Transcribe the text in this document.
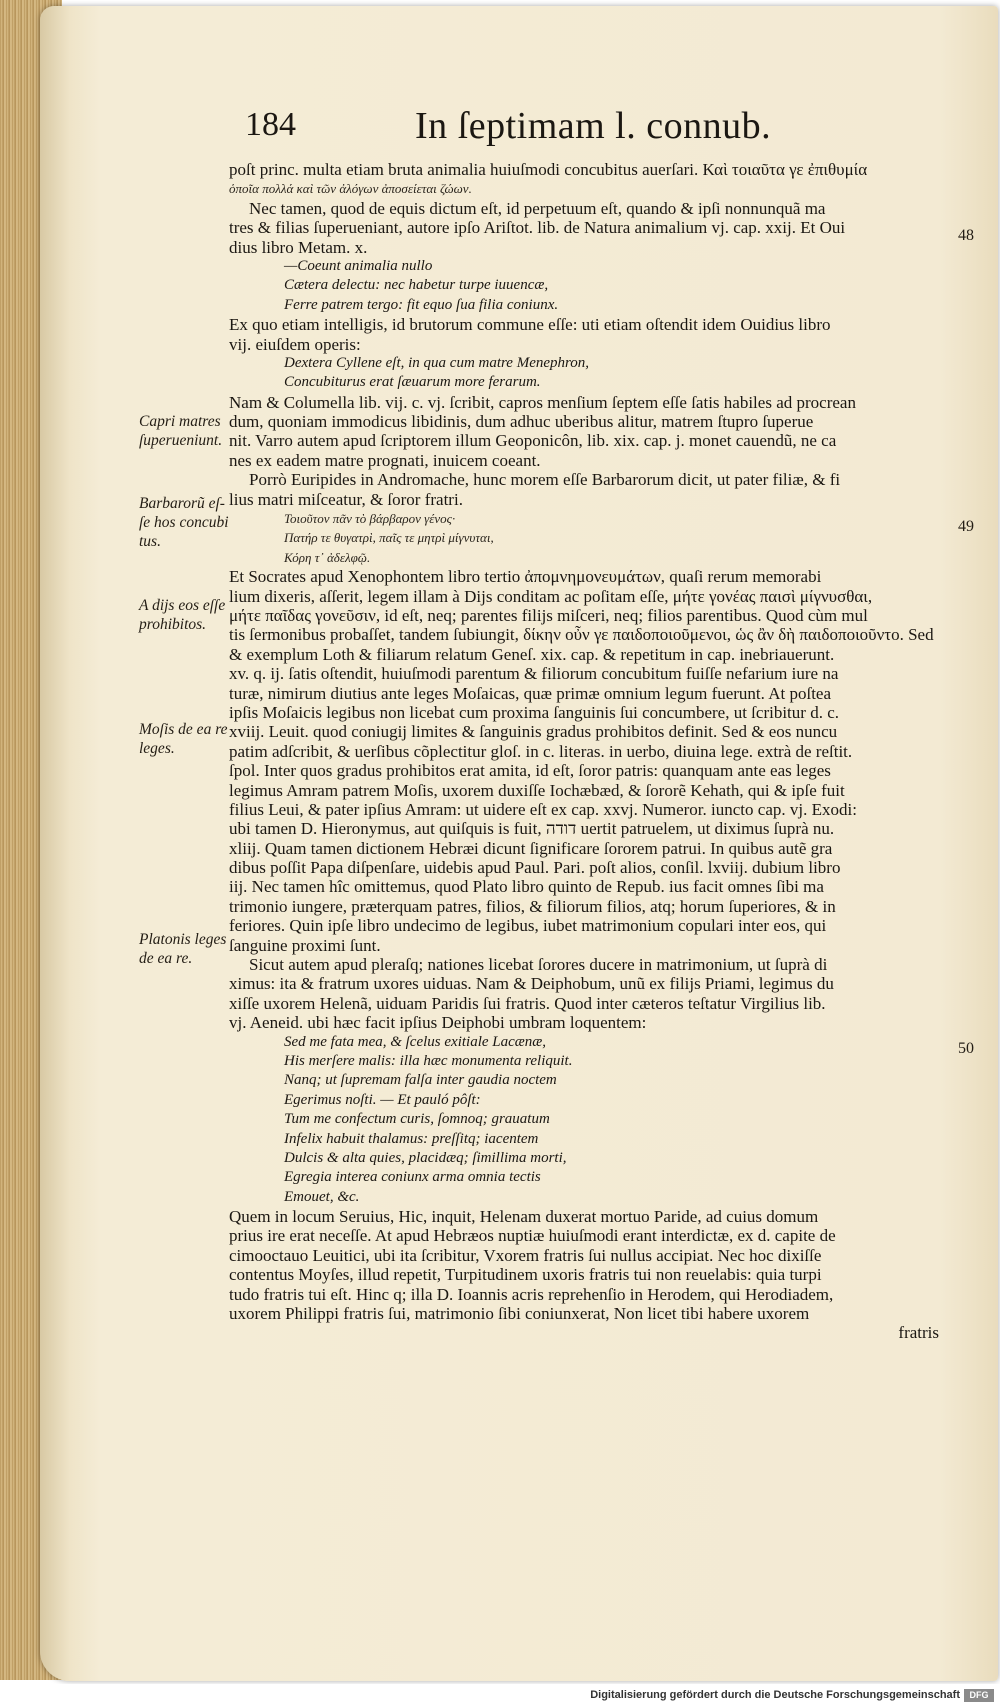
184	In ſeptimam l. connub.
poſt princ. multa etiam bruta animalia huiuſmodi concubitus auerſari. Καὶ τοιαῦτα γε ἐπιθυμία
ὁποῖα πολλά καὶ τῶν ἀλόγων ἀποσείεται ζώων.
Nec tamen, quod de equis dictum eſt, id perpetuum eſt, quando & ipſi nonnunquã ma
tres & filias ſuperueniant, autore ipſo Ariſtot. lib. de Natura animalium vj. cap. xxij. Et Oui
dius libro Metam. x.
—Coeunt animalia nullo
Cætera delectu: nec habetur turpe iuuencæ,
Ferre patrem tergo: fit equo ſua filia coniunx.
Ex quo etiam intelligis, id brutorum commune eſſe: uti etiam oſtendit idem Ouidius libro
vij. eiuſdem operis:
Dextera Cyllene eſt, in qua cum matre Menephron,
Concubiturus erat ſæuarum more ferarum.
Nam & Columella lib. vij. c. vj. ſcribit, capros menſium ſeptem eſſe ſatis habiles ad procrean
dum, quoniam immodicus libidinis, dum adhuc uberibus alitur, matrem ſtupro ſuperue
nit. Varro autem apud ſcriptorem illum Geoponicôn, lib. xix. cap. j. monet cauendũ, ne ca
nes ex eadem matre prognati, inuicem coeant.
Porrò Euripides in Andromache, hunc morem eſſe Barbarorum dicit, ut pater filiæ, & fi
lius matri miſceatur, & ſoror fratri.
Τοιοῦτον πᾶν τὸ βάρβαρον γένος·
Πατήρ τε θυγατρὶ, παῖς τε μητρὶ μίγνυται,
Κόρη τ᾽ ἀδελφῷ.
Et Socrates apud Xenophontem libro tertio ἀπομνημονευμάτων, quaſi rerum memorabi
lium dixeris, aſſerit, legem illam à Dijs conditam ac poſitam eſſe, μήτε γονέας παισὶ μίγνυσθαι,
μήτε παῖδας γονεῦσιν, id eſt, neq; parentes filijs miſceri, neq; filios parentibus. Quod cùm mul
tis ſermonibus probaſſet, tandem ſubiungit, δίκην οὖν γε παιδοποιοῦμενοι, ὡς ἂν δὴ παιδοποιοῦντο. Sed
& exemplum Loth & filiarum relatum Geneſ. xix. cap. & repetitum in cap. inebriauerunt.
xv. q. ij. ſatis oſtendit, huiuſmodi parentum & filiorum concubitum fuiſſe nefarium iure na
turæ, nimirum diutius ante leges Moſaicas, quæ primæ omnium legum fuerunt. At poſtea
ipſis Moſaicis legibus non licebat cum proxima ſanguinis ſui concumbere, ut ſcribitur d. c.
xviij. Leuit. quod coniugij limites & ſanguinis gradus prohibitos definit. Sed & eos nuncu
patim adſcribit, & uerſibus cõplectitur gloſ. in c. literas. in uerbo, diuina lege. extrà de reſtit.
ſpol. Inter quos gradus prohibitos erat amita, id eſt, ſoror patris: quanquam ante eas leges
legimus Amram patrem Moſis, uxorem duxiſſe Iochæbæd, & ſororẽ Kehath, qui & ipſe fuit
filius Leui, & pater ipſius Amram: ut uidere eſt ex cap. xxvj. Numeror. iuncto cap. vj. Exodi:
ubi tamen D. Hieronymus, aut quiſquis is fuit, דודה uertit patruelem, ut diximus ſuprà nu.
xliij. Quam tamen dictionem Hebræi dicunt ſignificare ſororem patrui. In quibus autẽ gra
dibus poſſit Papa diſpenſare, uidebis apud Paul. Pari. poſt alios, conſil. lxviij. dubium libro
iij. Nec tamen hîc omittemus, quod Plato libro quinto de Repub. ius facit omnes ſibi ma
trimonio iungere, præterquam patres, filios, & filiorum filios, atq; horum ſuperiores, & in
feriores. Quin ipſe libro undecimo de legibus, iubet matrimonium copulari inter eos, qui
ſanguine proximi ſunt.
Sicut autem apud pleraſq; nationes licebat ſorores ducere in matrimonium, ut ſuprà di
ximus: ita & fratrum uxores uiduas. Nam & Deiphobum, unũ ex filijs Priami, legimus du
xiſſe uxorem Helenã, uiduam Paridis ſui fratris. Quod inter cæteros teſtatur Virgilius lib.
vj. Aeneid. ubi hæc facit ipſius Deiphobi umbram loquentem:
Sed me fata mea, & ſcelus exitiale Lacænæ,
His merſere malis: illa hæc monumenta reliquit.
Nanq; ut ſupremam falſa inter gaudia noctem
Egerimus noſti. — Et pauló pôſt:
Tum me confectum curis, ſomnoq; grauatum
Infelix habuit thalamus: preſſitq; iacentem
Dulcis & alta quies, placidæq; ſimillima morti,
Egregia interea coniunx arma omnia tectis
Emouet, &c.
Quem in locum Seruius, Hic, inquit, Helenam duxerat mortuo Paride, ad cuius domum
prius ire erat neceſſe. At apud Hebræos nuptiæ huiuſmodi erant interdictæ, ex d. capite de
cimooctauo Leuitici, ubi ita ſcribitur, Vxorem fratris ſui nullus accipiat. Nec hoc dixiſſe
contentus Moyſes, illud repetit, Turpitudinem uxoris fratris tui non reuelabis: quia turpi
tudo fratris tui eſt. Hinc q; illa D. Ioannis acris reprehenſio in Herodem, qui Herodiadem,
uxorem Philippi fratris ſui, matrimonio ſibi coniunxerat, Non licet tibi habere uxorem
fratris
Capri matres
ſuperueniunt.
Barbarorũ eſ-
ſe hos concubi
tus.
A dijs eos eſſe
prohibitos.
Moſis de ea re
leges.
Platonis leges
de ea re.
48
49
50
Digitalisierung gefördert durch die Deutsche Forschungsgemeinschaft	DFG
